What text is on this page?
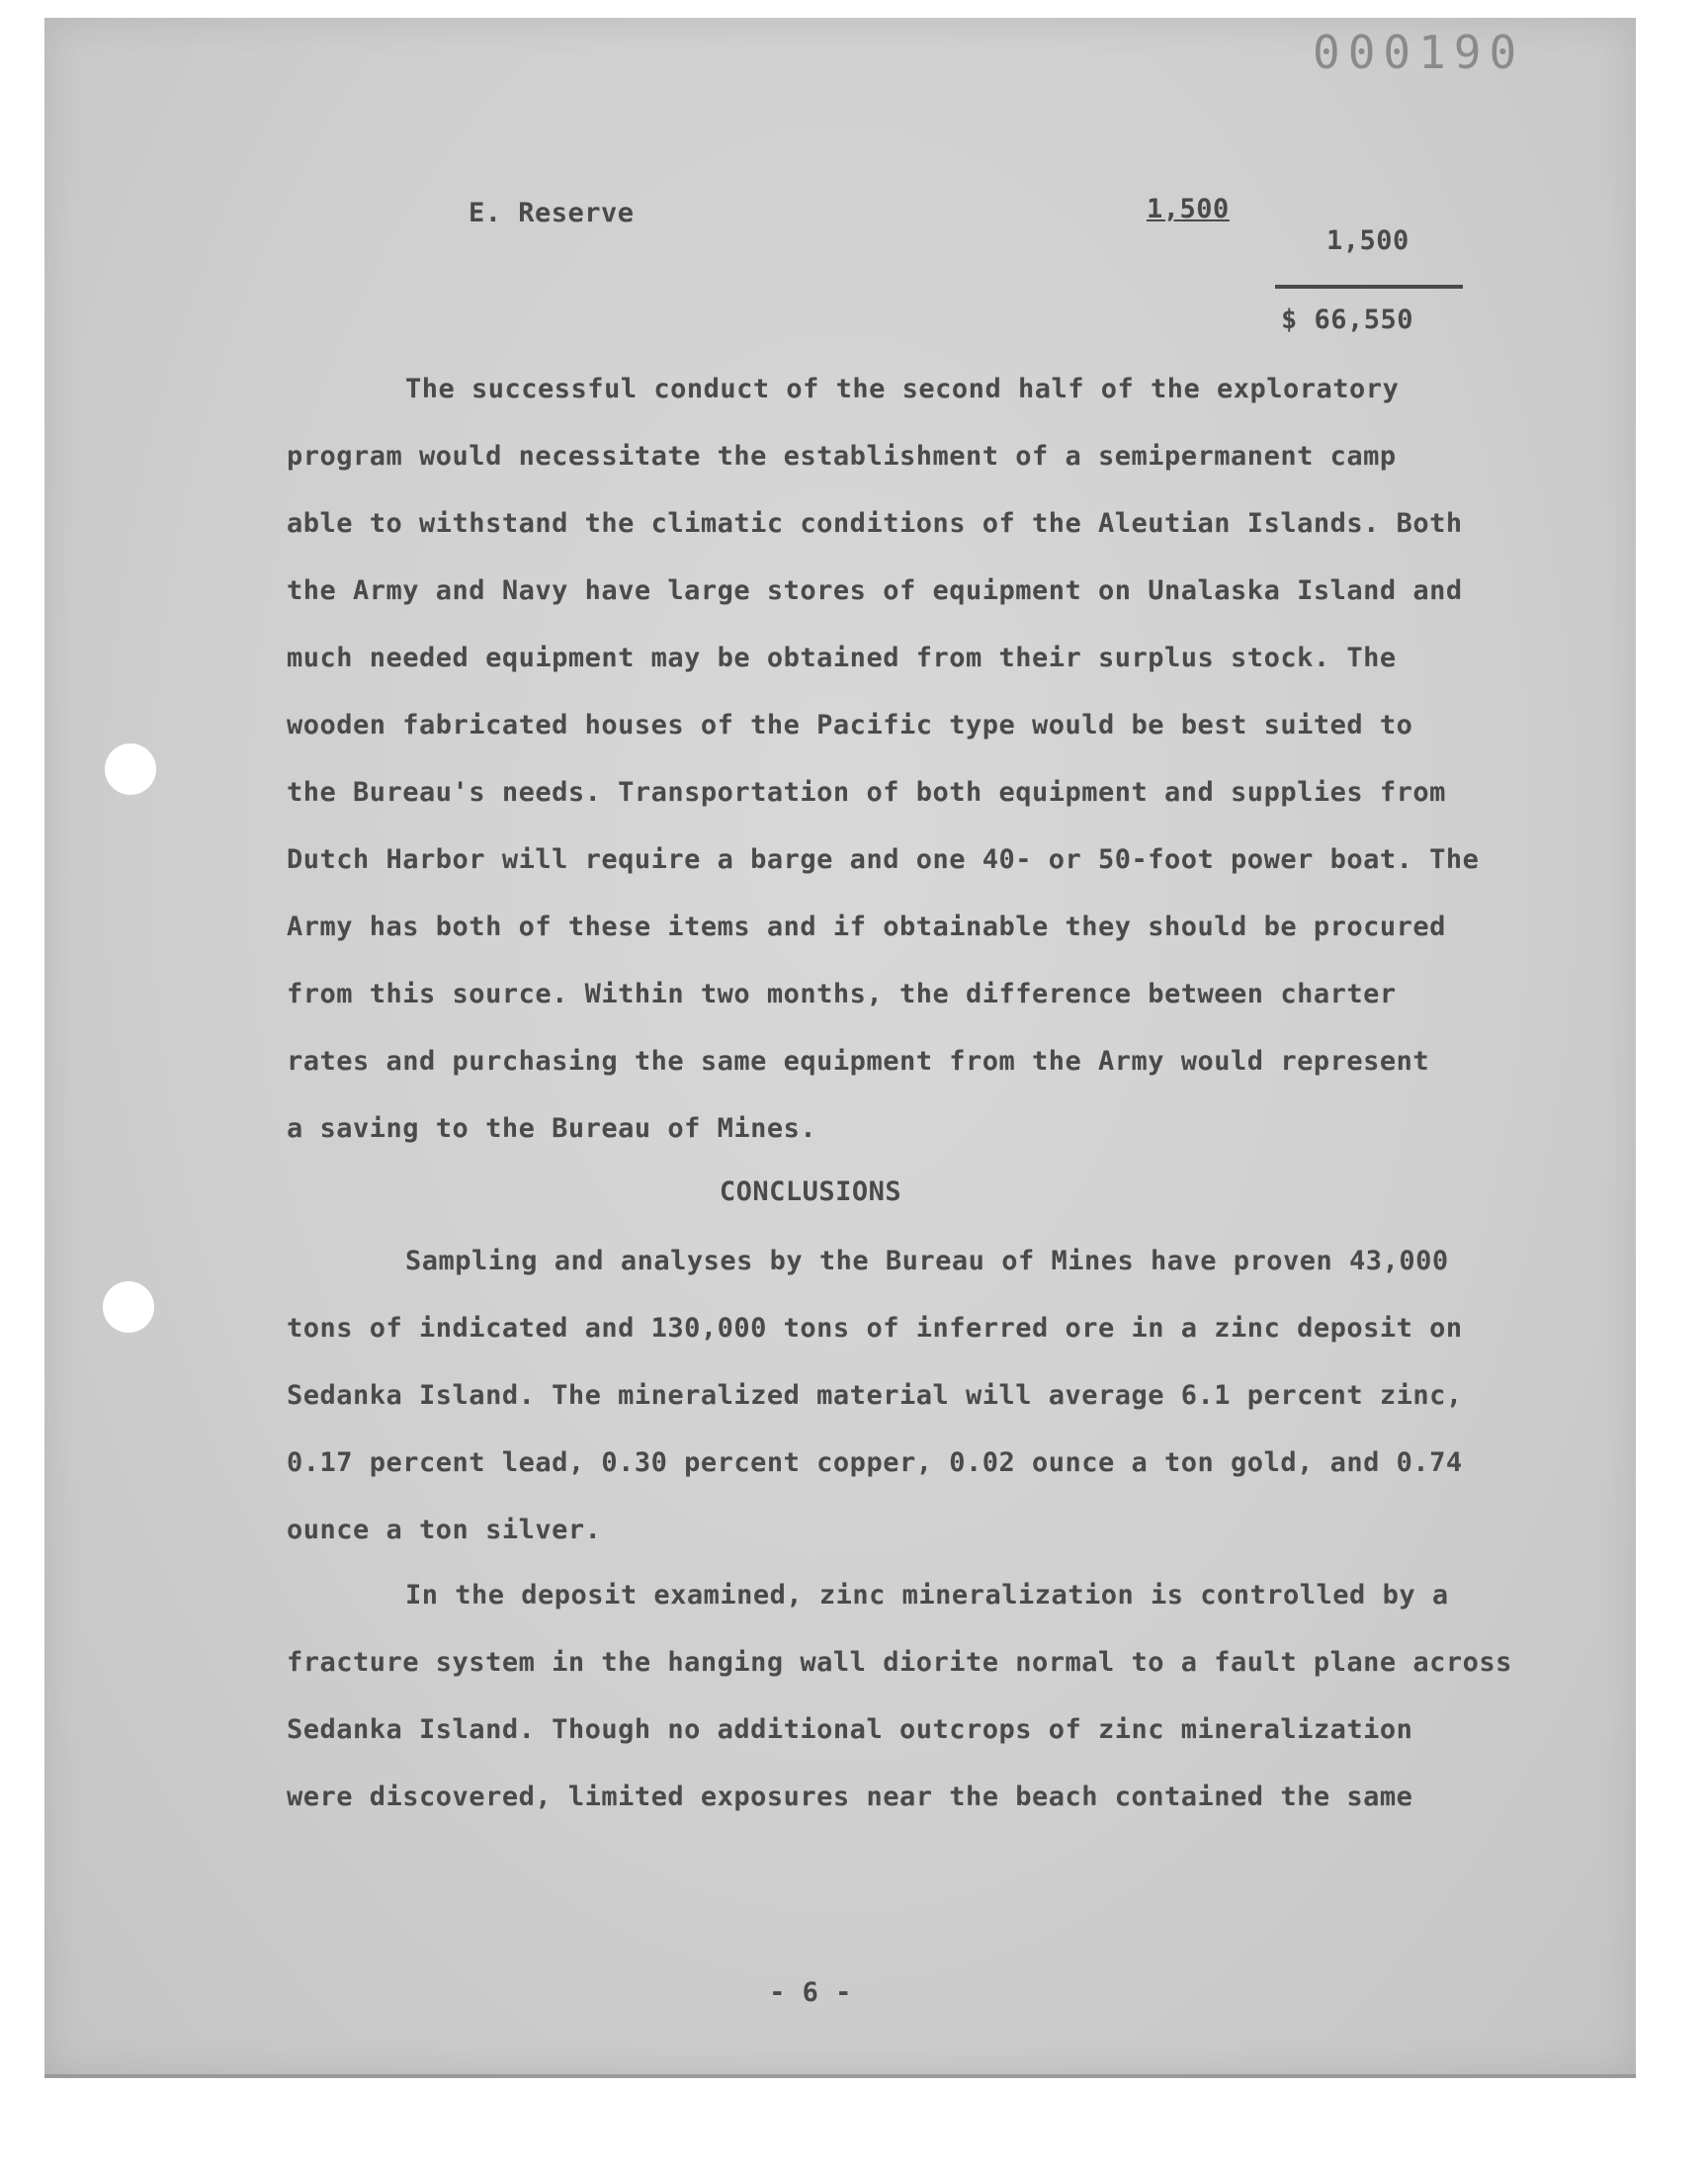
000190
E. Reserve	1,500
1,500
$ 66,550
The successful conduct of the second half of the exploratory
program would necessitate the establishment of a semipermanent camp
able to withstand the climatic conditions of the Aleutian Islands. Both
the Army and Navy have large stores of equipment on Unalaska Island and
much needed equipment may be obtained from their surplus stock. The
wooden fabricated houses of the Pacific type would be best suited to
the Bureau's needs. Transportation of both equipment and supplies from
Dutch Harbor will require a barge and one 40- or 50-foot power boat. The
Army has both of these items and if obtainable they should be procured
from this source. Within two months, the difference between charter
rates and purchasing the same equipment from the Army would represent
a saving to the Bureau of Mines.
CONCLUSIONS
Sampling and analyses by the Bureau of Mines have proven 43,000
tons of indicated and 130,000 tons of inferred ore in a zinc deposit on
Sedanka Island. The mineralized material will average 6.1 percent zinc,
0.17 percent lead, 0.30 percent copper, 0.02 ounce a ton gold, and 0.74
ounce a ton silver.
In the deposit examined, zinc mineralization is controlled by a
fracture system in the hanging wall diorite normal to a fault plane across
Sedanka Island. Though no additional outcrops of zinc mineralization
were discovered, limited exposures near the beach contained the same
- 6 -
